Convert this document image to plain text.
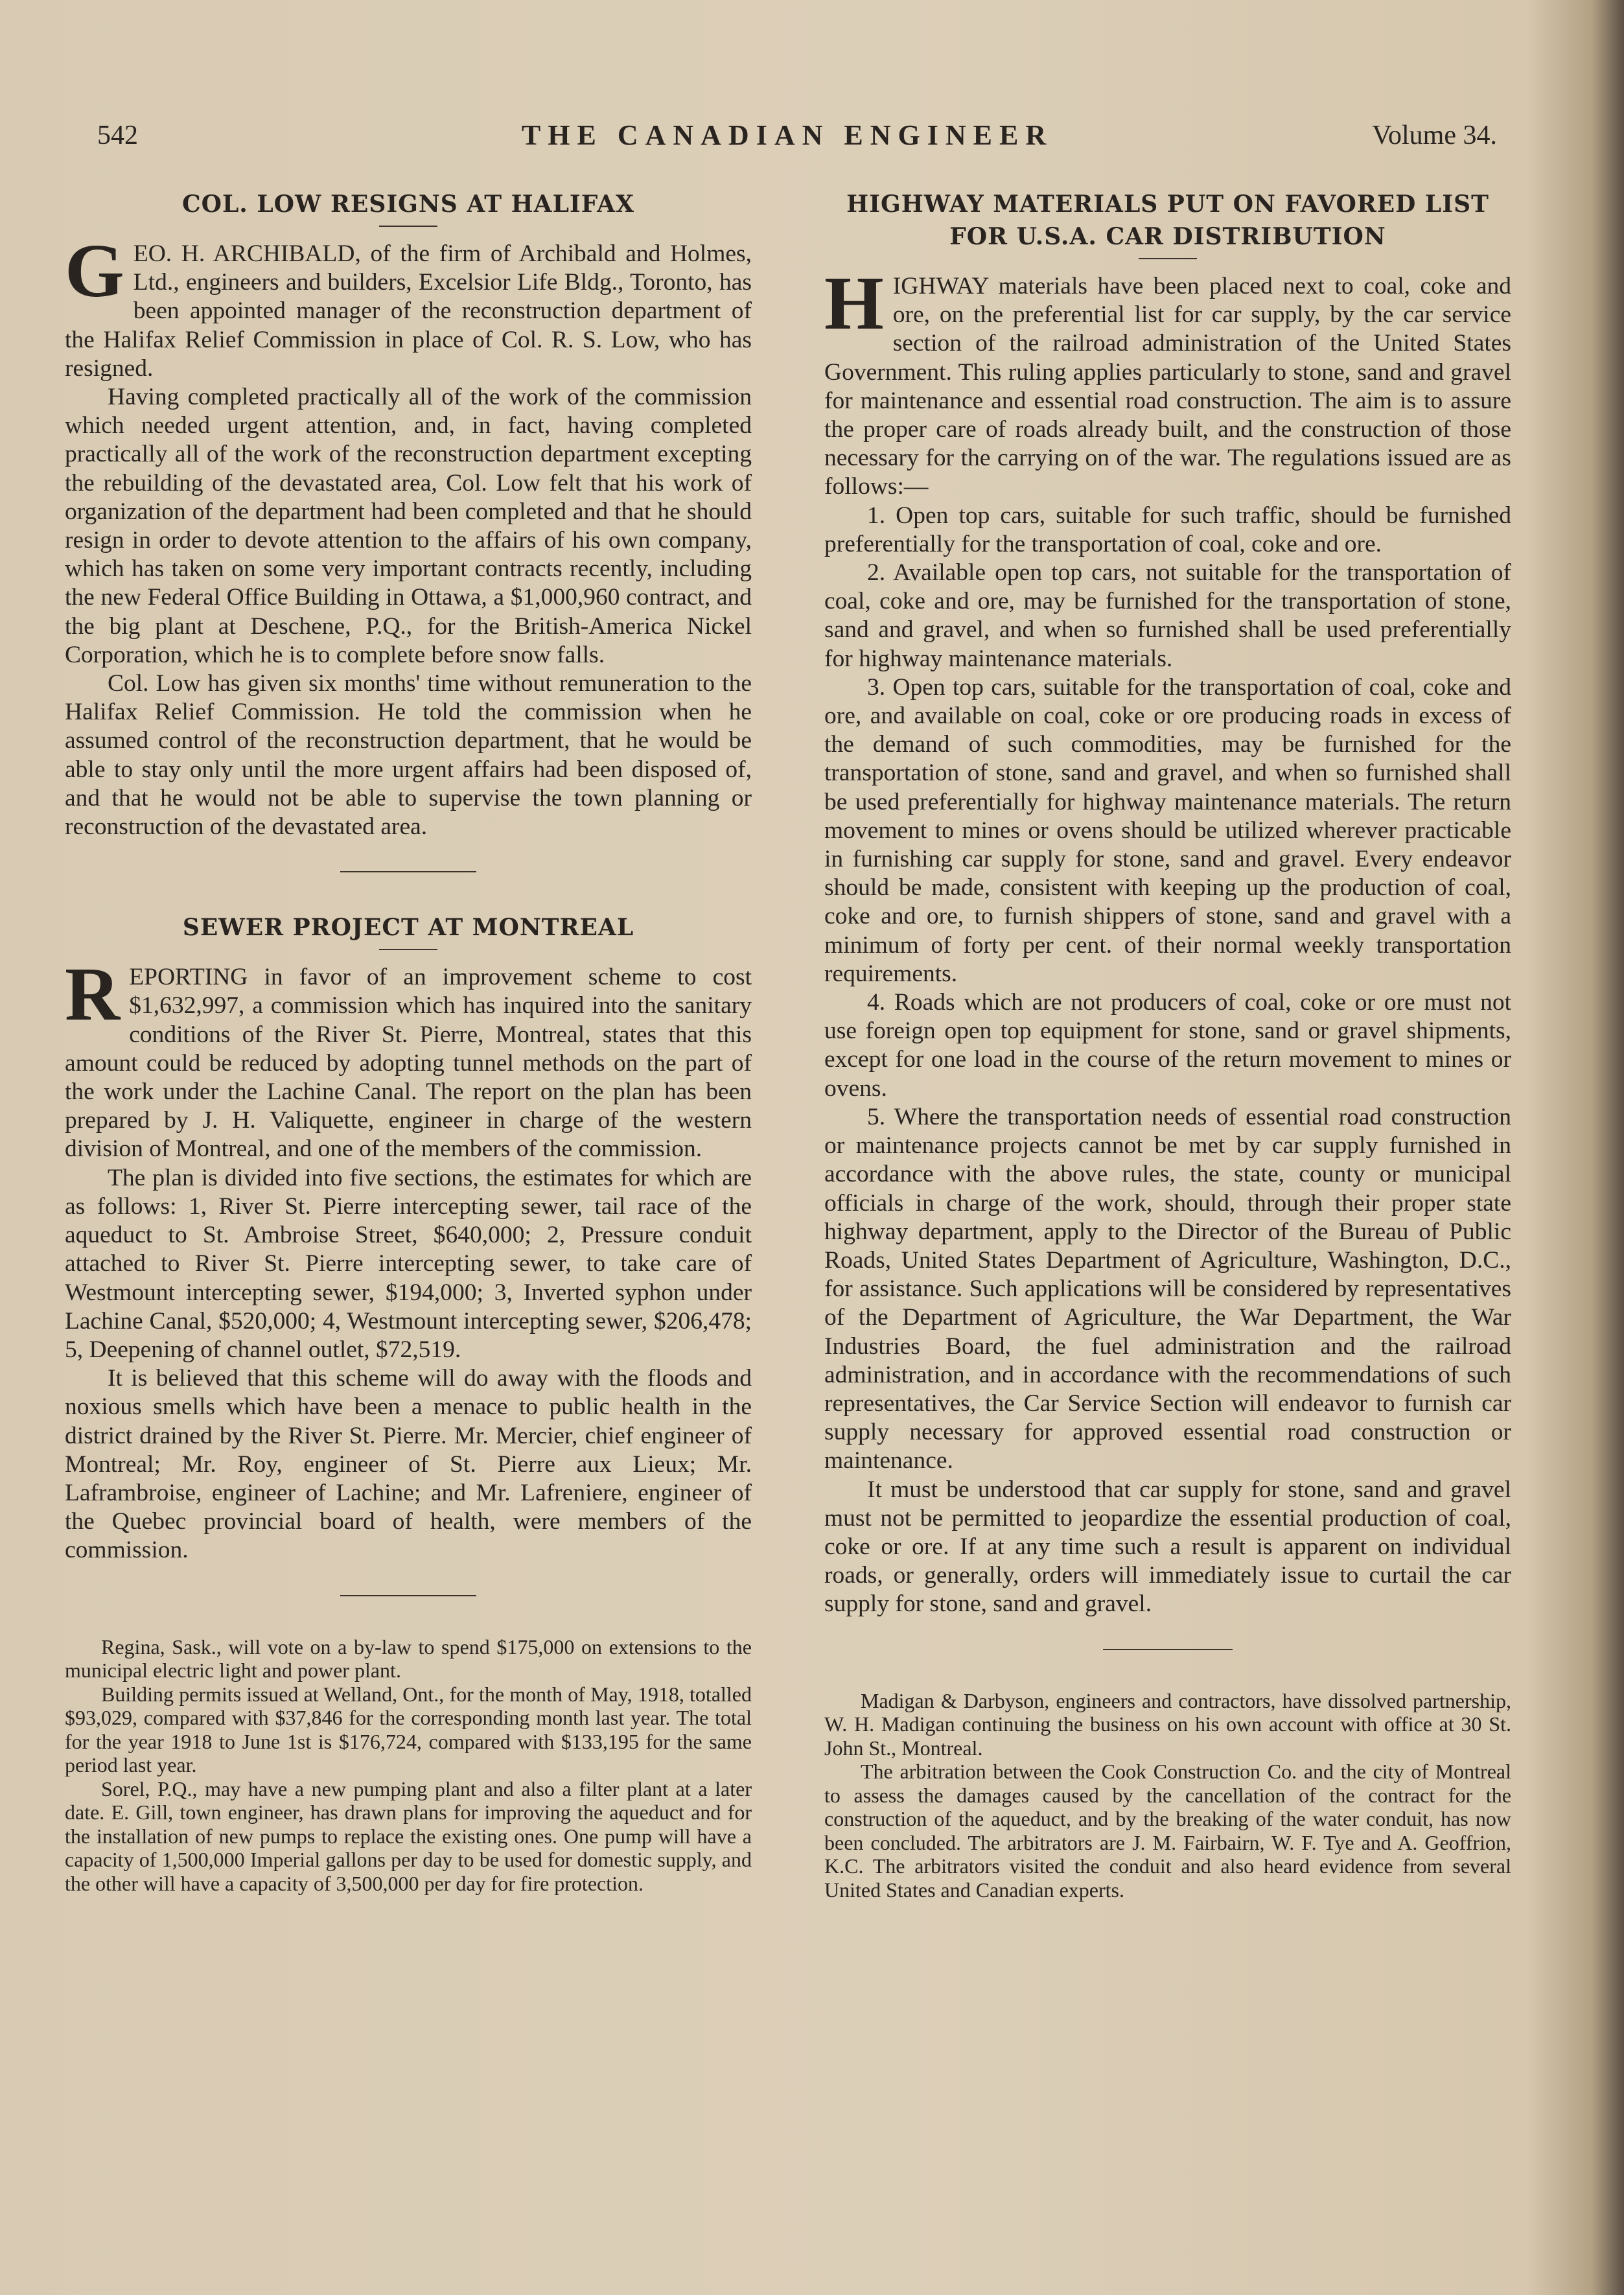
542	THE CANADIAN ENGINEER	Volume 34.
COL. LOW RESIGNS AT HALIFAX

GEO. H. ARCHIBALD, of the firm of Archibald and Holmes, Ltd., engineers and builders, Excelsior Life Bldg., Toronto, has been appointed manager of the reconstruction department of the Halifax Relief Commission in place of Col. R. S. Low, who has resigned.

Having completed practically all of the work of the commission which needed urgent attention, and, in fact, having completed practically all of the work of the reconstruction department excepting the rebuilding of the devastated area, Col. Low felt that his work of organization of the department had been completed and that he should resign in order to devote attention to the affairs of his own company, which has taken on some very important contracts recently, including the new Federal Office Building in Ottawa, a $1,000,960 contract, and the big plant at Deschene, P.Q., for the British-America Nickel Corporation, which he is to complete before snow falls.

Col. Low has given six months' time without remuneration to the Halifax Relief Commission. He told the commission when he assumed control of the reconstruction department, that he would be able to stay only until the more urgent affairs had been disposed of, and that he would not be able to supervise the town planning or reconstruction of the devastated area.

SEWER PROJECT AT MONTREAL

REPORTING in favor of an improvement scheme to cost $1,632,997, a commission which has inquired into the sanitary conditions of the River St. Pierre, Montreal, states that this amount could be reduced by adopting tunnel methods on the part of the work under the Lachine Canal. The report on the plan has been prepared by J. H. Valiquette, engineer in charge of the western division of Montreal, and one of the members of the commission.

The plan is divided into five sections, the estimates for which are as follows: 1, River St. Pierre intercepting sewer, tail race of the aqueduct to St. Ambroise Street, $640,000; 2, Pressure conduit attached to River St. Pierre intercepting sewer, to take care of Westmount intercepting sewer, $194,000; 3, Inverted syphon under Lachine Canal, $520,000; 4, Westmount intercepting sewer, $206,478; 5, Deepening of channel outlet, $72,519.

It is believed that this scheme will do away with the floods and noxious smells which have been a menace to public health in the district drained by the River St. Pierre. Mr. Mercier, chief engineer of Montreal; Mr. Roy, engineer of St. Pierre aux Lieux; Mr. Laframbroise, engineer of Lachine; and Mr. Lafreniere, engineer of the Quebec provincial board of health, were members of the commission.

Regina, Sask., will vote on a by-law to spend $175,000 on extensions to the municipal electric light and power plant.

Building permits issued at Welland, Ont., for the month of May, 1918, totalled $93,029, compared with $37,846 for the corresponding month last year. The total for the year 1918 to June 1st is $176,724, compared with $133,195 for the same period last year.

Sorel, P.Q., may have a new pumping plant and also a filter plant at a later date. E. Gill, town engineer, has drawn plans for improving the aqueduct and for the installation of new pumps to replace the existing ones. One pump will have a capacity of 1,500,000 Imperial gallons per day to be used for domestic supply, and the other will have a capacity of 3,500,000 per day for fire protection.

HIGHWAY MATERIALS PUT ON FAVORED LIST FOR U.S.A. CAR DISTRIBUTION

HIGHWAY materials have been placed next to coal, coke and ore, on the preferential list for car supply, by the car service section of the railroad administration of the United States Government. This ruling applies particularly to stone, sand and gravel for maintenance and essential road construction. The aim is to assure the proper care of roads already built, and the construction of those necessary for the carrying on of the war. The regulations issued are as follows:—

1. Open top cars, suitable for such traffic, should be furnished preferentially for the transportation of coal, coke and ore.

2. Available open top cars, not suitable for the transportation of coal, coke and ore, may be furnished for the transportation of stone, sand and gravel, and when so furnished shall be used preferentially for highway maintenance materials.

3. Open top cars, suitable for the transportation of coal, coke and ore, and available on coal, coke or ore producing roads in excess of the demand of such commodities, may be furnished for the transportation of stone, sand and gravel, and when so furnished shall be used preferentially for highway maintenance materials. The return movement to mines or ovens should be utilized wherever practicable in furnishing car supply for stone, sand and gravel. Every endeavor should be made, consistent with keeping up the production of coal, coke and ore, to furnish shippers of stone, sand and gravel with a minimum of forty per cent. of their normal weekly transportation requirements.

4. Roads which are not producers of coal, coke or ore must not use foreign open top equipment for stone, sand or gravel shipments, except for one load in the course of the return movement to mines or ovens.

5. Where the transportation needs of essential road construction or maintenance projects cannot be met by car supply furnished in accordance with the above rules, the state, county or municipal officials in charge of the work, should, through their proper state highway department, apply to the Director of the Bureau of Public Roads, United States Department of Agriculture, Washington, D.C., for assistance. Such applications will be considered by representatives of the Department of Agriculture, the War Department, the War Industries Board, the fuel administration and the railroad administration, and in accordance with the recommendations of such representatives, the Car Service Section will endeavor to furnish car supply necessary for approved essential road construction or maintenance.

It must be understood that car supply for stone, sand and gravel must not be permitted to jeopardize the essential production of coal, coke or ore. If at any time such a result is apparent on individual roads, or generally, orders will immediately issue to curtail the car supply for stone, sand and gravel.

Madigan & Darbyson, engineers and contractors, have dissolved partnership, W. H. Madigan continuing the business on his own account with office at 30 St. John St., Montreal.

The arbitration between the Cook Construction Co. and the city of Montreal to assess the damages caused by the cancellation of the contract for the construction of the aqueduct, and by the breaking of the water conduit, has now been concluded. The arbitrators are J. M. Fairbairn, W. F. Tye and A. Geoffrion, K.C. The arbitrators visited the conduit and also heard evidence from several United States and Canadian experts.
